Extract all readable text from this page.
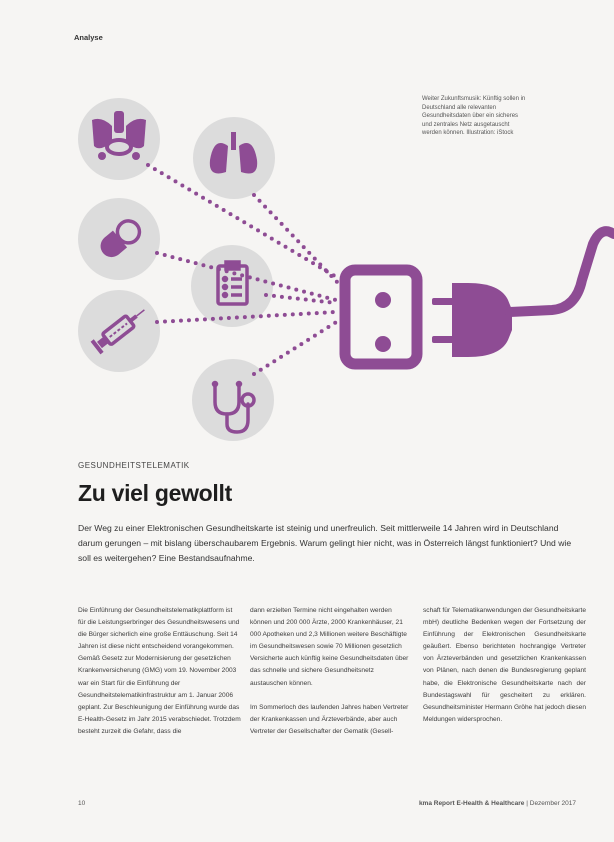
Analyse

Weiter Zukunftsmusik: Künftig sollen in Deutschland alle relevanten Gesundheitsdaten über ein sicheres und zentrales Netz ausgetauscht werden können. Illustration: iStock

GESUNDHEITSTELEMATIK
Zu viel gewollt

Der Weg zu einer Elektronischen Gesundheitskarte ist steinig und unerfreulich. Seit mittlerweile 14 Jahren wird in Deutschland darum gerungen – mit bislang überschaubarem Ergebnis. Warum gelingt hier nicht, was in Österreich längst funktioniert? Und wie soll es weitergehen? Eine Bestandsaufnahme.

Die Einführung der Gesundheitstelematikplattform ist für die Leistungserbringer des Gesundheitswesens und die Bürger sicherlich eine große Enttäuschung. Seit 14 Jahren ist diese nicht entscheidend vorangekommen. Gemäß Gesetz zur Modernisierung der gesetzlichen Krankenversicherung (GMG) vom 19. November 2003 war ein Start für die Einführung der Gesundheitstelematikinfrastruktur am 1. Januar 2006 geplant. Zur Beschleunigung der Einführung wurde das E-Health-Gesetz im Jahr 2015 verabschiedet. Trotzdem besteht zurzeit die Gefahr, dass die

dann erzielten Termine nicht eingehalten werden können und 200 000 Ärzte, 2000 Krankenhäuser, 21 000 Apotheken und 2,3 Millionen weitere Beschäftigte im Gesundheitswesen sowie 70 Millionen gesetzlich Versicherte auch künftig keine Gesundheitsdaten über das schnelle und sichere Gesundheitsnetz austauschen können.

Im Sommerloch des laufenden Jahres haben Vertreter der Krankenkassen und Ärzteverbände, aber auch Vertreter der Gesellschafter der Gematik (Gesell-

schaft für Telematikanwendungen der Gesundheitskarte mbH) deutliche Bedenken wegen der Fortsetzung der Einführung der Elektronischen Gesundheitskarte geäußert. Ebenso berichteten hochrangige Vertreter von Ärzteverbänden und gesetzlichen Krankenkassen von Plänen, nach denen die Bundesregierung geplant habe, die Elektronische Gesundheitskarte nach der Bundestagswahl für gescheitert zu erklären. Gesundheitsminister Hermann Gröhe hat jedoch diesen Meldungen widersprochen.

10	kma Report E-Health & Healthcare | Dezember 2017
